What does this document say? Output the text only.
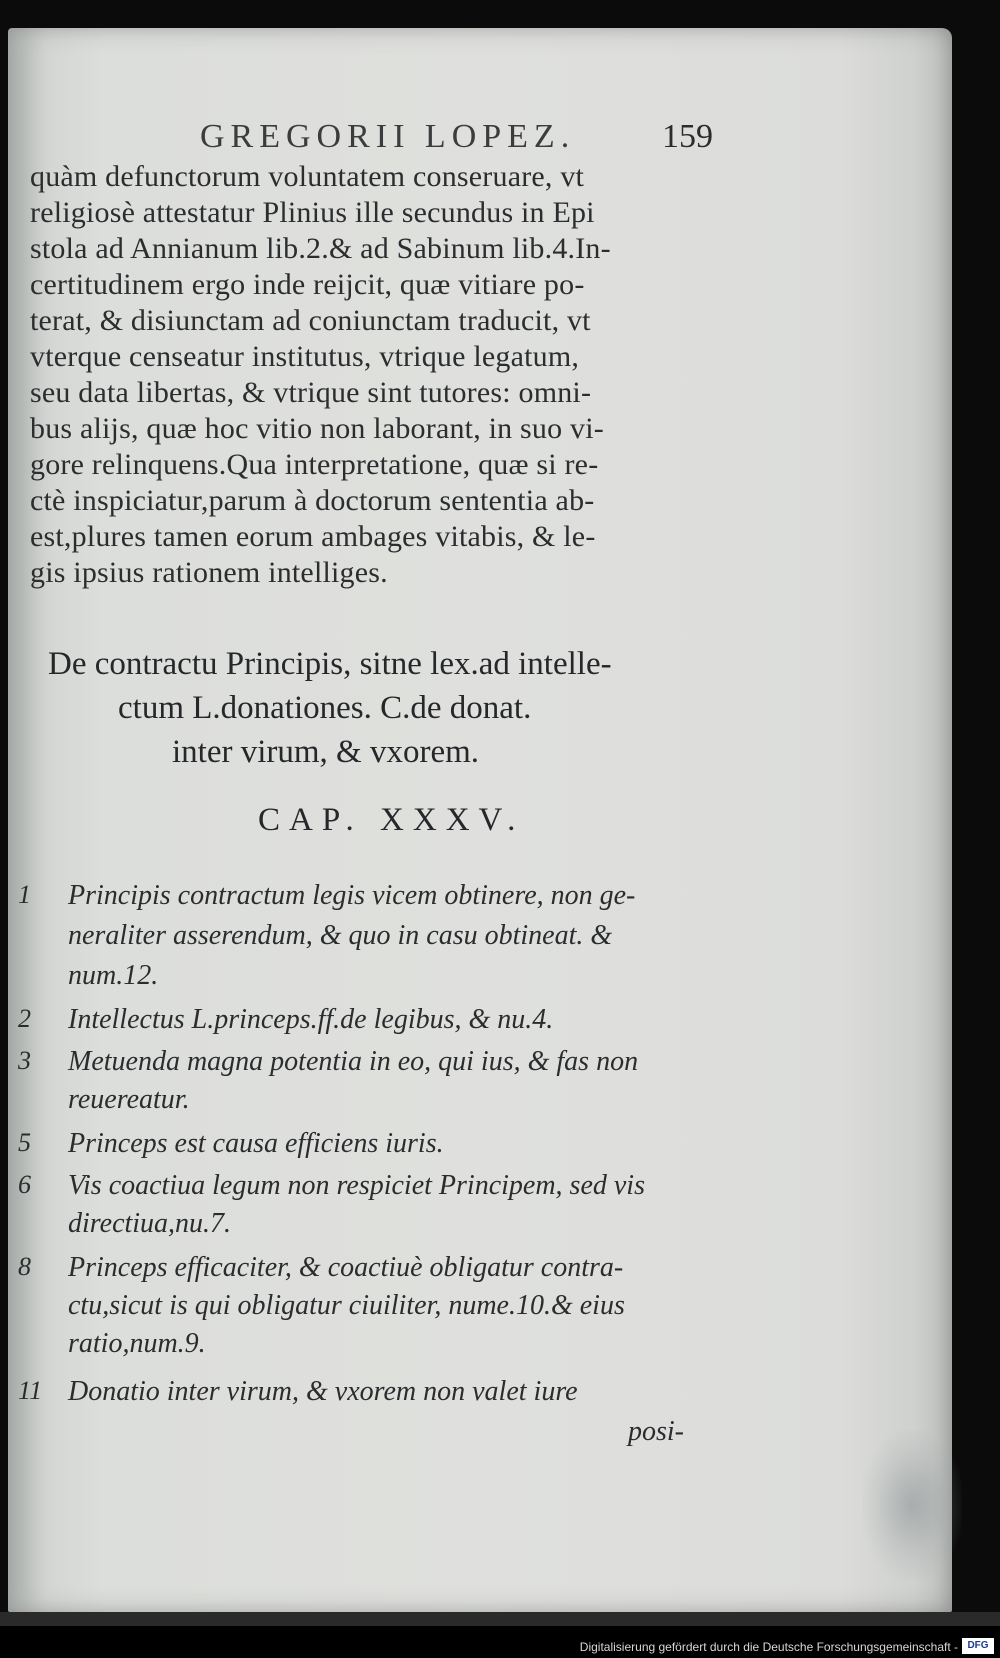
GREGORII LOPEZ.	159
quàm defunctorum voluntatem conseruare, vt
religiosè attestatur Plinius ille secundus in Epi
stola ad Annianum lib.2.& ad Sabinum lib.4.In-
certitudinem ergo inde reijcit, quæ vitiare po-
terat, & disiunctam ad coniunctam traducit, vt
vterque censeatur institutus, vtrique legatum,
seu data libertas, & vtrique sint tutores: omni-
bus alijs, quæ hoc vitio non laborant, in suo vi-
gore relinquens.Qua interpretatione, quæ si re-
ctè inspiciatur,parum à doctorum sententia ab-
est,plures tamen eorum ambages vitabis, & le-
gis ipsius rationem intelliges.
De contractu Principis, sitne lex.ad intelle-
ctum L.donationes. C.de donat.
inter virum, & vxorem.
CAP. XXXV.
1 Principis contractum legis vicem obtinere, non ge-
neraliter asserendum, & quo in casu obtineat. &
num.12.
2 Intellectus L.princeps.ff.de legibus, & nu.4.
3 Metuenda magna potentia in eo, qui ius, & fas non
reuereatur.
5 Princeps est causa efficiens iuris.
6 Vis coactiua legum non respiciet Principem, sed vis
directiua,nu.7.
8 Princeps efficaciter, & coactiuè obligatur contra-
ctu,sicut is qui obligatur ciuiliter, nume.10.& eius
ratio,num.9.
11 Donatio inter virum, & vxorem non valet iure
posi-
Digitalisierung gefördert durch die Deutsche Forschungsgemeinschaft - DFG
